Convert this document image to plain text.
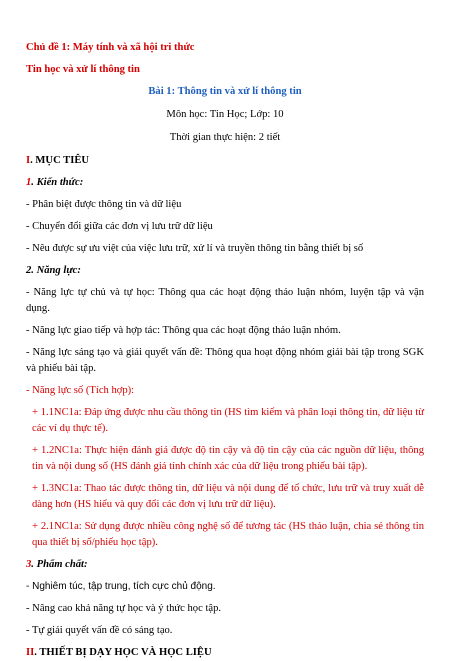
Chủ đề 1: Máy tính và xã hội tri thức

Tin học và xử lí thông tin

Bài 1: Thông tin và xử lí thông tin

Môn học: Tin Học; Lớp: 10

Thời gian thực hiện: 2 tiết

I. MỤC TIÊU

1. Kiến thức:

- Phân biệt được thông tin và dữ liệu

- Chuyển đổi giữa các đơn vị lưu trữ dữ liệu

- Nêu được sự ưu việt của việc lưu trữ, xử lí và truyền thông tin bằng thiết bị số

2. Năng lực:

- Năng lực tự chủ và tự học: Thông qua các hoạt động thảo luận nhóm, luyện tập và vận dụng.

- Năng lực giao tiếp và hợp tác: Thông qua các hoạt động thảo luận nhóm.

- Năng lực sáng tạo và giải quyết vấn đề: Thông qua hoạt động nhóm giải bài tập trong SGK và phiếu bài tập.

- Năng lực số (Tích hợp):

+ 1.1NC1a: Đáp ứng được nhu cầu thông tin (HS tìm kiếm và phân loại thông tin, dữ liệu từ các ví dụ thực tế).

+ 1.2NC1a: Thực hiện đánh giá được độ tin cậy và độ tin cậy của các nguồn dữ liệu, thông tin và nội dung số (HS đánh giá tính chính xác của dữ liệu trong phiếu bài tập).

+ 1.3NC1a: Thao tác được thông tin, dữ liệu và nội dung để tổ chức, lưu trữ và truy xuất dễ dàng hơn (HS hiểu và quy đổi các đơn vị lưu trữ dữ liệu).

+ 2.1NC1a: Sử dụng được nhiều công nghệ số để tương tác (HS thảo luận, chia sẻ thông tin qua thiết bị số/phiếu học tập).

3. Phẩm chất:

- Nghiêm túc, tập trung, tích cực chủ động.

- Nâng cao khả năng tự học và ý thức học tập.

- Tự giải quyết vấn đề có sáng tạo.

II. THIẾT BỊ DẠY HỌC VÀ HỌC LIỆU
